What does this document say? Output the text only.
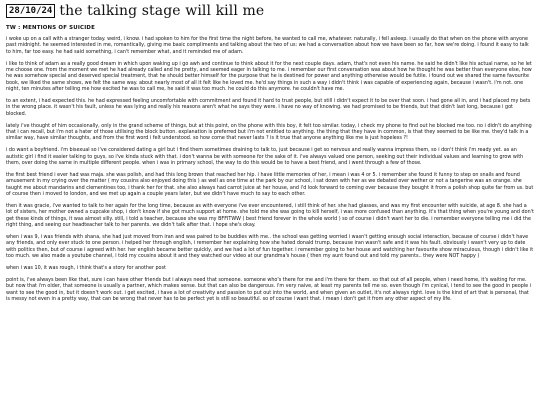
28/10/24 the talking stage will kill me
TW : MENTIONS OF SUICIDE

i woke up on a call with a stranger today. weird, i know. i had spoken to him for the first time the night before, he wanted to call me, whatever. naturally, i fell asleep. i usually do that when on the phone with anyone past midnight. he seemed interested in me, romantically, giving me basic compliments and talking about the two of us: we had a conversation about how we have been so far, how we're doing. i found it easy to talk to him, far too easy. he had said something, i can't remember what, and it reminded me of adam.

i like to think of adam as a really good dream in which upon waking up i go awh and continue to think about it for the next couple days. adam, that's not even his name. he said he didn't like his actual name, so he let me choose one. from the moment we met he had already called and he pretty, and seemed eager in talking to me. i remember our first conversation was about how he thought he was better than everyone else, how he was somehow special and deserved special treatment, that he should better himself for the purpose that he is destined for power and anything otherwise would be futile. i found out we shared the same favourite book, we liked the same shows, we felt the same way. about nearly most of all it felt like he loved me. he'd say things in such a way i didn't think i was capable of experiencing again, because i wasn't. i'm not. one night, ten minutes after telling me how excited he was to call me, he said it was too much. he could do this anymore. he couldn't have me.

to an extent, i had expected this. he had expressed feeling uncomfortable with commitment and found it hard to trust people, but still i didn't expect it to be over that soon. i had gone all in, and i had placed my bets in the wrong place. it wasn't his fault, unless he was lying and really his reasons aren't what he says they were. i have no way of knowing. we had promised to be friends, but that didn't last long, because i got blocked.

lately i've thought of him occasionally, only in the grand scheme of things, but at this point, on the phone with this boy, it felt too similar. today, i check my phone to find out he blocked me too. no i didn't do anything that i can recall, but i'm not a hater of those utilising the block button. explanation is preferred but i'm not entitled to anything. the thing that they have in common, is that they seemed to be like me. they'd talk in a similar way, have similar thoughts, and from the first word i felt understood. so how come that never lasts ? is it true that anyone anything like me is just hopeless ?!

i do want a boyfriend. i'm bisexual so i've considered dating a girl but i find them sometimes draining to talk to, just because i get so nervous and really wanna impress them, so i don't think i'm ready yet. as an autistic girl i find it easier talking to guys, so i've kinda stuck with that. i don't wanna be with someone for the sake of it. i've always valued one person, seeking out their individual values and learning to grow with them, over doing the same in multiple different people. when i was in primary school, the way to do this would be to have a best friend, and i went through a few of those.

the first best friend i ever had was maja. she was polish, and had this long brown that reached her hip. i have little memories of her, i mean i was 4 or 5. i remember she found it funny to step on snails and found amusement in my crying over the matter ( my cousins also enjoyed doing this ) as well as one time at the park by our school, i sat down with her as we debated over wether or not a tangerine was an orange. she taught me about mandarins and clementines too, i thank her for that. she also always had carrot juice at her house, and i'd look forward to coming over because they bought it from a polish shop quite far from us. but of course then i moved to london, and we met up again a couple years later, but we didn't have much to say to each other.

then it was gracie, i've wanted to talk to her again for the long time, because as with everyone i've ever encountered, i still think of her. she had glasses, and was my first encounter with suicide, at age 8. she had a lot of sisters, her mother owned a cupcake shop, i don't know if she got much support at home. she told me she was going to kill herself, i was more confused than anything. it's that thing when you're young and don't get these kinds of things, it was almost silly. still, i told a teacher, because she was my BFFITWW ( best friend forever in the whole world ) so of course i didn't want her to die. i remember everyone telling me i did the right thing, and seeing our headteacher talk to her parents. we didn't talk after that. i hope she's okay.

when i was 9, i was friends with shana, she had just moved from iran and was paired to be buddies with me.. the school was getting worried i wasn't getting enough social interaction, because of course i didn't have any friends, and only ever stuck to one person. i helped her through english, i remember her explaining how she hated donald trump, because iran wasn't safe and it was his fault. obviously i wasn't very up to date with politics then, but of course i agreed with her. her english became better quickly, and we had a lot of fun together. i remember going to her house and watching her favourite show miraculous, though i didn't like it too much. we also made a youtube channel, i told my cousins about it and they watched our video at our grandma's house ( then my aunt found out and told my parents.. they were NOT happy )

when i was 10, it was rough, i think that's a story for another post

point is, i've always been like that, sure i can have other friends but i always need that someone. someone who's there for me and i'm there for them. so that out of all people, when i need home, it's waiting for me. but now that i'm older, that someone is usually a partner, which makes sense. but that can also be dangerous. i'm very naive, at least my parents tell me so. even though i'm cynical, i tend to see the good in people i want to see the good in, but it doesn't work out. i get excited, i have a lot of creativity and passion to put out into the world, and when given an outlet, it's not always right. love is the kind of art that is personal, that is messy not even in a pretty way, that can be wrong that never has to be perfect yet is still so beautiful. so of course i want that. i mean i don't get it from any other aspect of my life.
